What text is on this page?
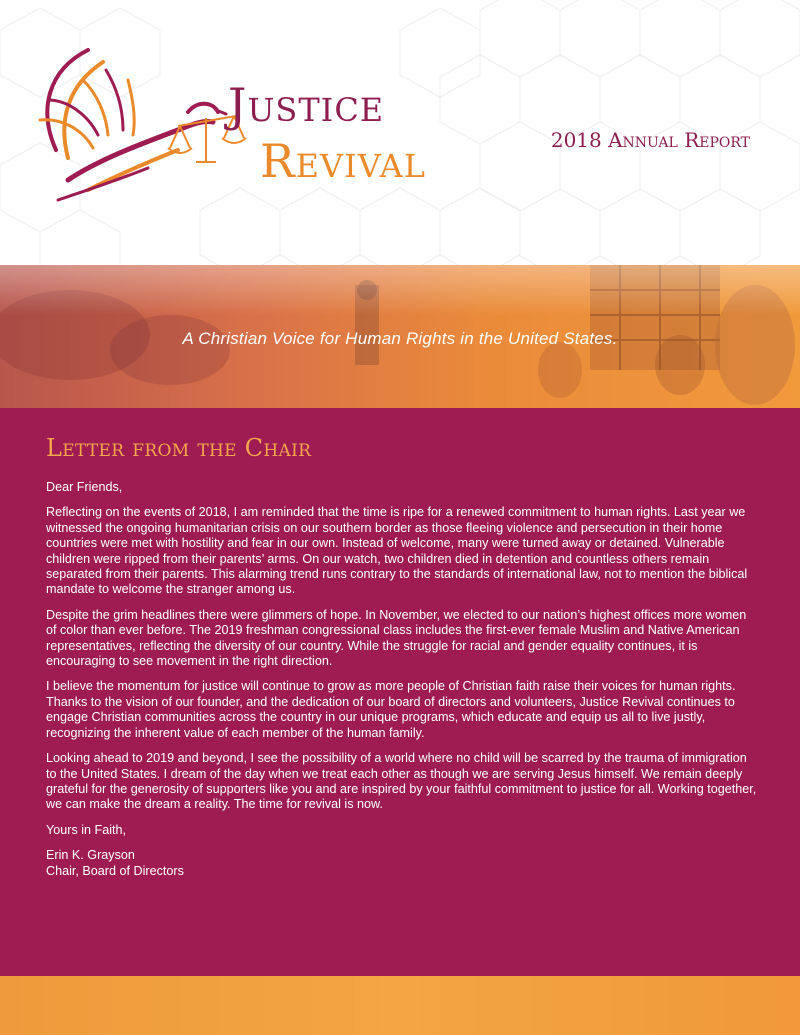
Justice
Revival	2018 Annual Report
A Christian Voice for Human Rights in the United States.
Letter from the Chair

Dear Friends,

Reflecting on the events of 2018, I am reminded that the time is ripe for a renewed commitment to human rights. Last year we witnessed the ongoing humanitarian crisis on our southern border as those fleeing violence and persecution in their home countries were met with hostility and fear in our own. Instead of welcome, many were turned away or detained. Vulnerable children were ripped from their parents’ arms. On our watch, two children died in detention and countless others remain separated from their parents. This alarming trend runs contrary to the standards of international law, not to mention the biblical mandate to welcome the stranger among us.

Despite the grim headlines there were glimmers of hope. In November, we elected to our nation’s highest offices more women of color than ever before. The 2019 freshman congressional class includes the first-ever female Muslim and Native American representatives, reflecting the diversity of our country. While the struggle for racial and gender equality continues, it is encouraging to see movement in the right direction.

I believe the momentum for justice will continue to grow as more people of Christian faith raise their voices for human rights. Thanks to the vision of our founder, and the dedication of our board of directors and volunteers, Justice Revival continues to engage Christian communities across the country in our unique programs, which educate and equip us all to live justly, recognizing the inherent value of each member of the human family.

Looking ahead to 2019 and beyond, I see the possibility of a world where no child will be scarred by the trauma of immigration to the United States. I dream of the day when we treat each other as though we are serving Jesus himself. We remain deeply grateful for the generosity of supporters like you and are inspired by your faithful commitment to justice for all. Working together, we can make the dream a reality. The time for revival is now.

Yours in Faith,

Erin K. Grayson
Chair, Board of Directors
